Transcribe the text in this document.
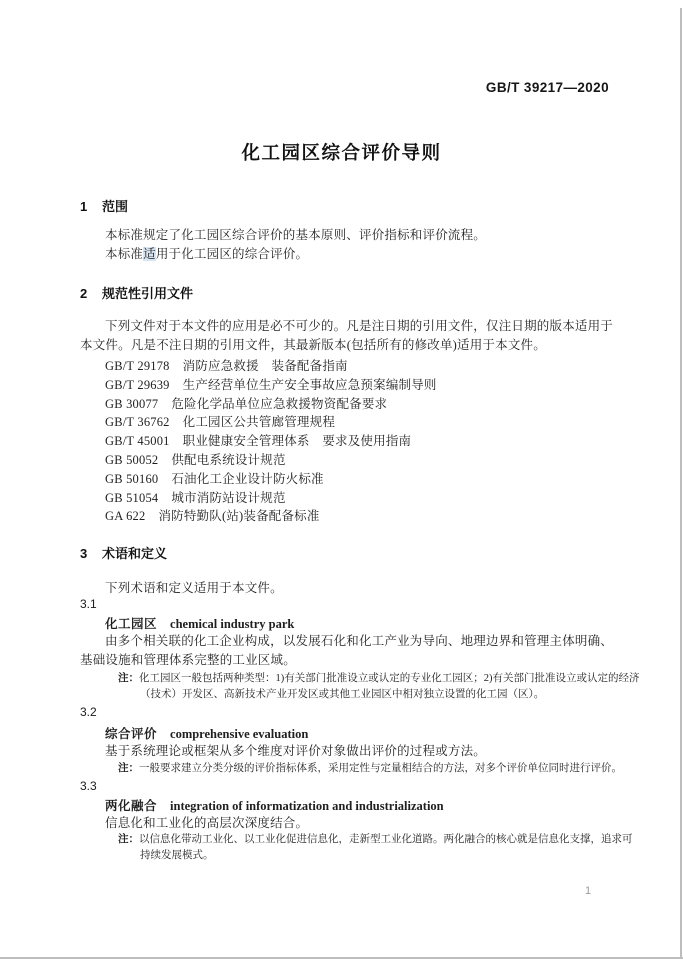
GB/T 39217—2020
化工园区综合评价导则
1 范围

本标准规定了化工园区综合评价的基本原则、评价指标和评价流程。

本标准适用于化工园区的综合评价。

2 规范性引用文件

下列文件对于本文件的应用是必不可少的。凡是注日期的引用文件，仅注日期的版本适用于本文件。凡是不注日期的引用文件，其最新版本(包括所有的修改单)适用于本文件。

GB/T 29178 消防应急救援　装备配备指南
GB/T 29639 生产经营单位生产安全事故应急预案编制导则
GB 30077 危险化学品单位应急救援物资配备要求
GB/T 36762 化工园区公共管廊管理规程
GB/T 45001 职业健康安全管理体系　要求及使用指南
GB 50052 供配电系统设计规范
GB 50160 石油化工企业设计防火标准
GB 51054 城市消防站设计规范
GA 622 消防特勤队(站)装备配备标准
3 术语和定义

下列术语和定义适用于本文件。

3.1
化工园区 chemical industry park

由多个相关联的化工企业构成，以发展石化和化工产业为导向、地理边界和管理主体明确、基础设施和管理体系完整的工业区域。

注：化工园区一般包括两种类型：1)有关部门批准设立或认定的专业化工园区；2)有关部门批准设立或认定的经济（技术）开发区、高新技术产业开发区或其他工业园区中相对独立设置的化工园（区）。

3.2
综合评价 comprehensive evaluation

基于系统理论或框架从多个维度对评价对象做出评价的过程或方法。

注：一般要求建立分类分级的评价指标体系，采用定性与定量相结合的方法，对多个评价单位同时进行评价。

3.3
两化融合 integration of informatization and industrialization

信息化和工业化的高层次深度结合。

注：以信息化带动工业化、以工业化促进信息化，走新型工业化道路。两化融合的核心就是信息化支撑，追求可持续发展模式。

1
